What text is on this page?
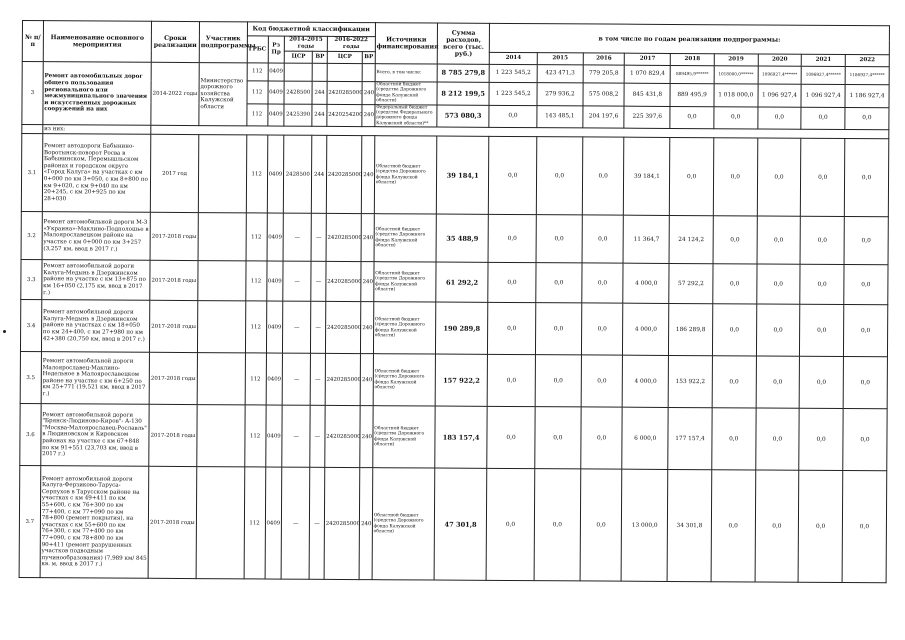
№ п/п	Наименование основного мероприятия	Сроки реализации	Участник подпрограммы	Код бюджетной классификации						Источники финансирования	Сумма расходов, всего (тыс. руб.)	в том числе по годам реализации подпрограммы:								
				ГРБС	Рз Пр	2014-2015 годы		2016-2022 годы												
						ЦСР	ВР	ЦСР	ВР			2014	2015	2016	2017	2018	2019	2020	2021	2022
3	Ремонт автомобильных дорог общего пользования регионального или межмуниципального значения и искусственных дорожных сооружений на них	2014-2022 годы	Министерство дорожного хозяйства Калужской области	112	0409					Всего, в том числе:	8 785 279,8	1 223 545,2	423 471,3	779 205,8	1 070 829,4	889495,9******	1018000,0******	1096927,4******	1096927,4******	1186927,4******
				112	0409	2428500	244	2420285000	240	Областной бюджет (средства Дорожного фонда Калужской области)	8 212 199,5	1 223 545,2	279 936,2	575 008,2	845 431,8	889 495,9	1 018 000,0	1 096 927,4	1 096 927,4	1 186 927,4
				112	0409	2425390	244	2420254200	240	Федеральный бюджет (средства Федерального дорожного фонда Калужской области)**	573 080,3	0,0	143 485,1	204 197,6	225 397,6	0,0	0,0	0,0	0,0	0,0
	из них:																			
3.1	Ремонт автодороги Бабынино-Воротынск-поворот Росва в Бабынинском, Перемышльском районах и городском округе «Город Калуга» на участках с км 0+000 по км 3+050, с км 8+800 по км 9+020, с км 9+040 по км 20+245, с км 20+925 по км 28+030	2017 год		112	0409	2428500	244	2420285000	240	Областной бюджет (средства Дорожного фонда Калужской области)	39 184,1	0,0	0,0	0,0	39 184,1	0,0	0,0	0,0	0,0	0,0
3.2	Ремонт автомобильной дороги М-3 «Украина»-Маклино-Подполошье в Малоярославецком районе на участке с км 0+000 по км 3+257 (3,257 км, ввод в 2017 г.)	2017-2018 годы		112	0409	—	—	2420285000	240	Областной бюджет (средства Дорожного фонда Калужской области)	35 488,9	0,0	0,0	0,0	11 364,7	24 124,2	0,0	0,0	0,0	0,0
3.3	Ремонт автомобильной дороги Калуга-Медынь в Дзержинском районе на участке с км 13+875 по км 16+050 (2,175 км, ввод в 2017 г.)	2017-2018 годы		112	0409	—	—	2420285000	240	Областной бюджет (средства Дорожного фонда Калужской области)	61 292,2	0,0	0,0	0,0	4 000,0	57 292,2	0,0	0,0	0,0	0,0
3.4	Ремонт автомобильной дороги Калуга-Медынь в Дзержинском районе на участках с км 18+050 по км 24+400, с км 27+980 по км 42+380 (20,750 км, ввод в 2017 г.)	2017-2018 годы		112	0409	—	—	2420285000	240	Областной бюджет (средства Дорожного фонда Калужской области)	190 289,8	0,0	0,0	0,0	4 000,0	186 289,8	0,0	0,0	0,0	0,0
3.5	Ремонт автомобильной дороги Малоярославец-Маклино-Недельное в Малоярославецком районе на участке с км 6+250 по км 25+771 (19,521 км, ввод в 2017 г.)	2017-2018 годы		112	0409	—	—	2420285000	240	Областной бюджет (средства Дорожного фонда Калужской области)	157 922,2	0,0	0,0	0,0	4 000,0	153 922,2	0,0	0,0	0,0	0,0
3.6	Ремонт автомобильной дороги "Брянск-Людиново-Киров"- А-130 "Москва-Малоярославец-Рославль" в Людиновском и Кировском районах на участке с км 67+848 по км 91+551 (23,703 км, ввод в 2017 г.)	2017-2018 годы		112	0409	—	—	2420285000	240	Областной бюджет (средства Дорожного фонда Калужской области)	183 157,4	0,0	0,0	0,0	6 000,0	177 157,4	0,0	0,0	0,0	0,0
3.7	Ремонт автомобильной дороги Калуга-Ферзиково-Таруса-Серпухов в Тарусском районе на участках с км 49+411 по км 55+600, с км 76+300 по км 77+400, с км 77+090 по км 78+800 (ремонт покрытия), на участках с км 55+600 по км 76+300, с км 77+400 по км 77+090, с км 78+800 по км 90+411 (ремонт разрушенных участков подводным пучинообразования) (7,989 км/ 845 кв. м, ввод в 2017 г.)	2017-2018 годы		112	0409	—	—	2420285000	240	Областной бюджет (средства Дорожного фонда Калужской области)	47 301,8	0,0	0,0	0,0	13 000,0	34 301,8	0,0	0,0	0,0	0,0
